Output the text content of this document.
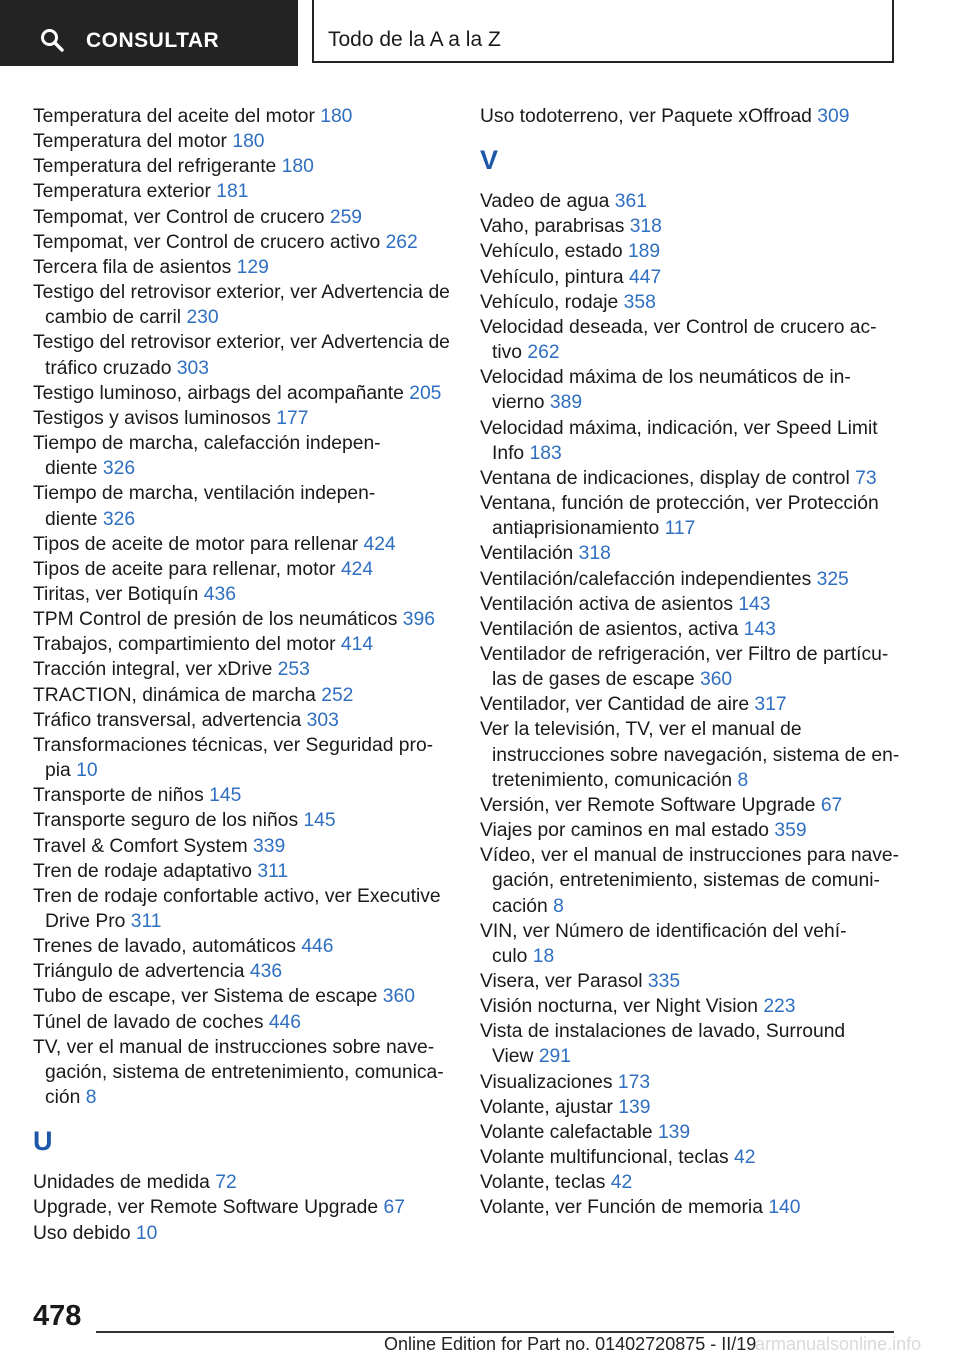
CONSULTAR	Todo de la A a la Z
Temperatura del aceite del motor 180
Temperatura del motor 180
Temperatura del refrigerante 180
Temperatura exterior 181
Tempomat, ver Control de crucero 259
Tempomat, ver Control de crucero activo 262
Tercera fila de asientos 129
Testigo del retrovisor exterior, ver Advertencia de
cambio de carril 230
Testigo del retrovisor exterior, ver Advertencia de
tráfico cruzado 303
Testigo luminoso, airbags del acompañante 205
Testigos y avisos luminosos 177
Tiempo de marcha, calefacción indepen‐
diente 326
Tiempo de marcha, ventilación indepen‐
diente 326
Tipos de aceite de motor para rellenar 424
Tipos de aceite para rellenar, motor 424
Tiritas, ver Botiquín 436
TPM Control de presión de los neumáticos 396
Trabajos, compartimiento del motor 414
Tracción integral, ver xDrive 253
TRACTION, dinámica de marcha 252
Tráfico transversal, advertencia 303
Transformaciones técnicas, ver Seguridad pro‐
pia 10
Transporte de niños 145
Transporte seguro de los niños 145
Travel & Comfort System 339
Tren de rodaje adaptativo 311
Tren de rodaje confortable activo, ver Executive
Drive Pro 311
Trenes de lavado, automáticos 446
Triángulo de advertencia 436
Tubo de escape, ver Sistema de escape 360
Túnel de lavado de coches 446
TV, ver el manual de instrucciones sobre nave‐
gación, sistema de entretenimiento, comunica‐
ción 8
U
Unidades de medida 72
Upgrade, ver Remote Software Upgrade 67
Uso debido 10
Uso todoterreno, ver Paquete xOffroad 309
V
Vadeo de agua 361
Vaho, parabrisas 318
Vehículo, estado 189
Vehículo, pintura 447
Vehículo, rodaje 358
Velocidad deseada, ver Control de crucero ac‐
tivo 262
Velocidad máxima de los neumáticos de in‐
vierno 389
Velocidad máxima, indicación, ver Speed Limit
Info 183
Ventana de indicaciones, display de control 73
Ventana, función de protección, ver Protección
antiaprisionamiento 117
Ventilación 318
Ventilación/calefacción independientes 325
Ventilación activa de asientos 143
Ventilación de asientos, activa 143
Ventilador de refrigeración, ver Filtro de partícu‐
las de gases de escape 360
Ventilador, ver Cantidad de aire 317
Ver la televisión, TV, ver el manual de
instrucciones sobre navegación, sistema de en‐
tretenimiento, comunicación 8
Versión, ver Remote Software Upgrade 67
Viajes por caminos en mal estado 359
Vídeo, ver el manual de instrucciones para nave‐
gación, entretenimiento, sistemas de comuni‐
cación 8
VIN, ver Número de identificación del vehí‐
culo 18
Visera, ver Parasol 335
Visión nocturna, ver Night Vision 223
Vista de instalaciones de lavado, Surround
View 291
Visualizaciones 173
Volante, ajustar 139
Volante calefactable 139
Volante multifuncional, teclas 42
Volante, teclas 42
Volante, ver Función de memoria 140
478
Online Edition for Part no. 01402720875 - II/19
armanualsonline.info
